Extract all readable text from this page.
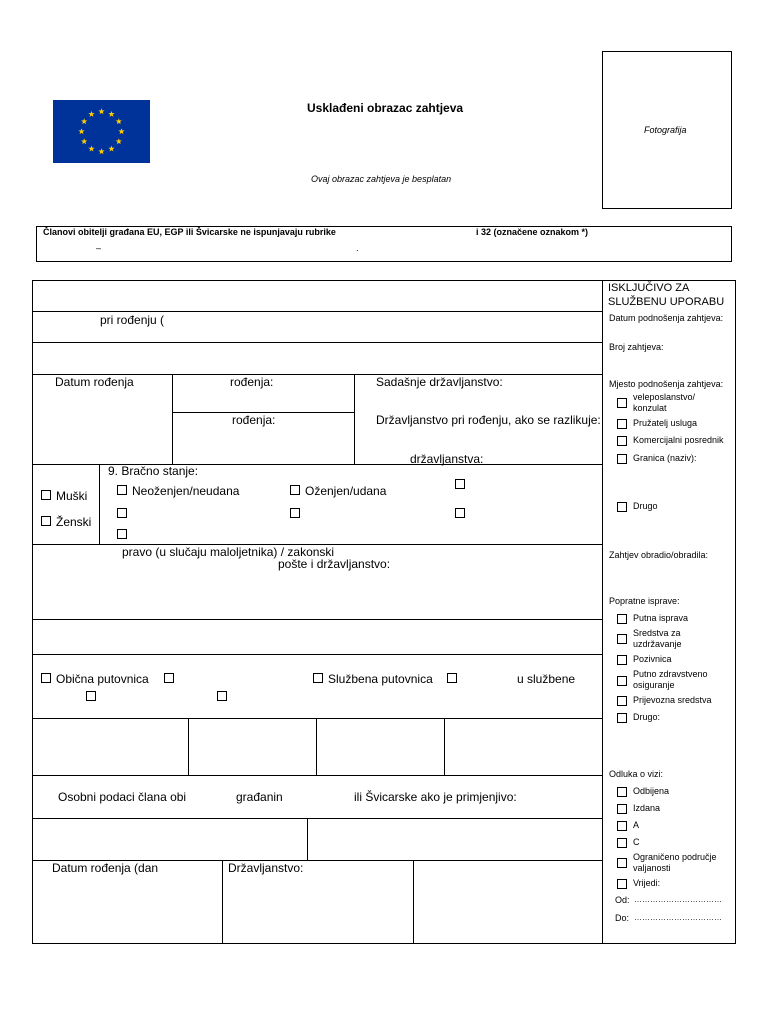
Usklađeni obrazac zahtjeva
Ovaj obrazac zahtjeva je besplatan
Fotografija
Članovi obitelji građana EU, EGP ili Švicarske ne ispunjavaju rubrike	i 32 (označene oznakom *)
–	.
pri rođenju (
Datum rođenja	rođenja:
rođenja:
Sadašnje državljanstvo:
Državljanstvo pri rođenju, ako se razlikuje:
državljanstva:
Muški
Ženski
9. Bračno stanje:
Neoženjen/neudana	Oženjen/udana
pravo (u slučaju maloljetnika) / zakonski
pošte i državljanstvo:
Obična putovnica	Službena putovnica	u službene
Osobni podaci člana obi	građanin	ili Švicarske ako je primjenjivo:
Datum rođenja (dan	Državljanstvo:
ISKLJUČIVO ZA
SLUŽBENU UPORABU
Datum podnošenja zahtjeva:
Broj zahtjeva:
Mjesto podnošenja zahtjeva:
veleposlanstvo/
konzulat
Pružatelj usluga
Komercijalni posrednik
Granica (naziv):
Drugo
Zahtjev obradio/obradila:
Popratne isprave:
Putna isprava
Sredstva za
uzdržavanje
Pozivnica
Putno zdravstveno
osiguranje
Prijevozna sredstva
Drugo:
Odluka o vizi:
Odbijena
Izdana
A
C
Ograničeno područje
valjanosti
Vrijedi:
Od: ……………………………
Do: ……………………………
